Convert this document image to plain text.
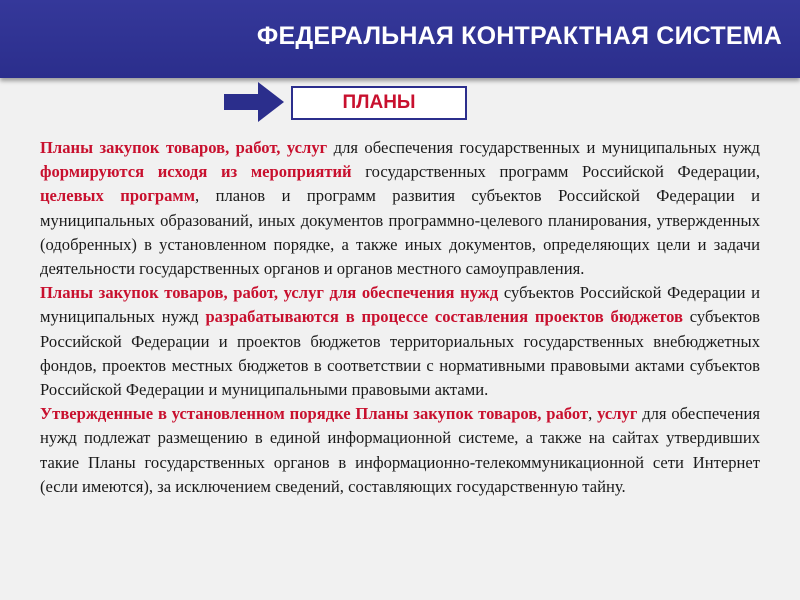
ФЕДЕРАЛЬНАЯ КОНТРАКТНАЯ СИСТЕМА
ПЛАНЫ

Планы закупок товаров, работ, услуг для обеспечения государственных и муниципальных нужд формируются исходя из мероприятий государственных программ Российской Федерации, целевых программ, планов и программ развития субъектов Российской Федерации и муниципальных образований, иных документов программно-целевого планирования, утвержденных (одобренных) в установленном порядке, а также иных документов, определяющих цели и задачи деятельности государственных органов и органов местного самоуправления.

Планы закупок товаров, работ, услуг для обеспечения нужд субъектов Российской Федерации и муниципальных нужд разрабатываются в процессе составления проектов бюджетов субъектов Российской Федерации и проектов бюджетов территориальных государственных внебюджетных фондов, проектов местных бюджетов в соответствии с нормативными правовыми актами субъектов Российской Федерации и муниципальными правовыми актами.

Утвержденные в установленном порядке Планы закупок товаров, работ, услуг для обеспечения нужд подлежат размещению в единой информационной системе, а также на сайтах утвердивших такие Планы государственных органов в информационно-телекоммуникационной сети Интернет (если имеются), за исключением сведений, составляющих государственную тайну.
